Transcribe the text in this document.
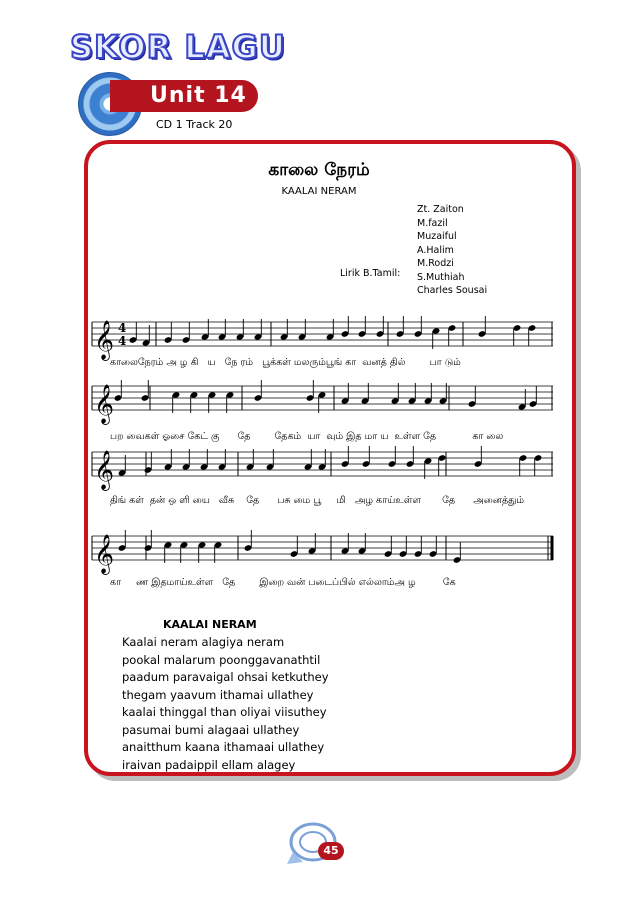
SKOR LAGU
Unit 14
CD 1 Track 20
காலை நேரம்
KAALAI NERAM
Zt. Zaiton
M.fazil
Muzaiful
A.Halim
M.Rodzi
S.Muthiah
Charles Sousai
Lirik B.Tamil:
𝄞
𝄞
𝄞
𝄞
4
4
காலைநேரம் அ ழ கி   ய   நே ரம்   பூக்கள் மலரும்பூங் கா  வனத் தில்        பா டும்
பற வைகள் ஓசை கேட் கு      தே        தேகம்  யா  வும் இத மா ய  உள்ள தே            கா லை
திங் கள்  தன் ஒ ளி யை   வீசு    தே      பசு மை பூ     மி   அழ காய்உள்ள       தே      அனைத்தும்
கா     ண இதமாய்உள்ள   தே        இறை வன் படைப்பில் எல்லாம்அ ழ         கே
KAALAI NERAM
Kaalai neram alagiya neram
pookal malarum poonggavanathtil
paadum paravaigal ohsai ketkuthey
thegam yaavum ithamai ullathey
kaalai thinggal than oliyai viisuthey
pasumai bumi alagaai ullathey
anaitthum kaana ithamaai ullathey
iraivan padaippil ellam alagey
45
